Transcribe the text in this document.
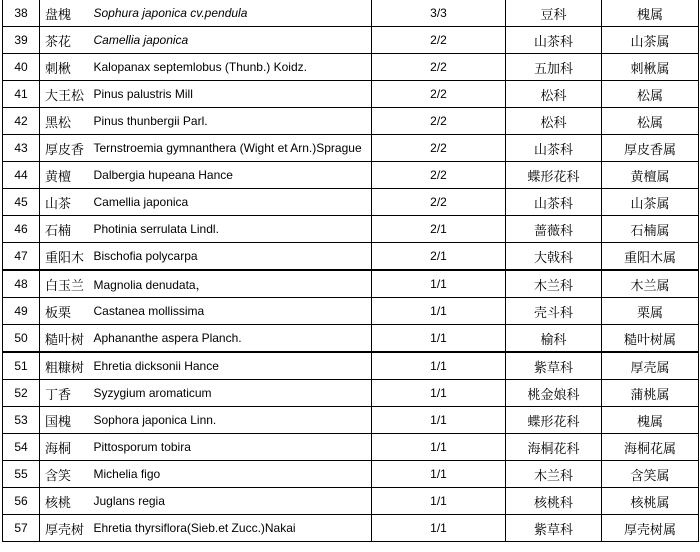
38	盘槐	Sophura japonica cv.pendula	3/3	豆科	槐属
39	茶花	Camellia japonica	2/2	山茶科	山茶属
40	刺楸	Kalopanax septemlobus (Thunb.) Koidz.	2/2	五加科	刺楸属
41	大王松	Pinus palustris Mill	2/2	松科	松属
42	黑松	Pinus thunbergii Parl.	2/2	松科	松属
43	厚皮香	Ternstroemia gymnanthera (Wight et Arn.)Sprague	2/2	山茶科	厚皮香属
44	黄檀	Dalbergia hupeana Hance	2/2	蝶形花科	黄檀属
45	山茶	Camellia japonica	2/2	山茶科	山茶属
46	石楠	Photinia serrulata Lindl.	2/1	蔷薇科	石楠属
47	重阳木	Bischofia polycarpa	2/1	大戟科	重阳木属
48	白玉兰	Magnolia denudata，	1/1	木兰科	木兰属
49	板栗	Castanea mollissima	1/1	壳斗科	栗属
50	糙叶树	Aphananthe aspera Planch.	1/1	榆科	糙叶树属
51	粗糠树	Ehretia dicksonii Hance	1/1	紫草科	厚壳属
52	丁香	Syzygium aromaticum	1/1	桃金娘科	蒲桃属
53	国槐	Sophora japonica Linn.	1/1	蝶形花科	槐属
54	海桐	Pittosporum tobira	1/1	海桐花科	海桐花属
55	含笑	Michelia figo	1/1	木兰科	含笑属
56	核桃	Juglans regia	1/1	核桃科	核桃属
57	厚壳树	Ehretia thyrsiflora(Sieb.et Zucc.)Nakai	1/1	紫草科	厚壳树属
